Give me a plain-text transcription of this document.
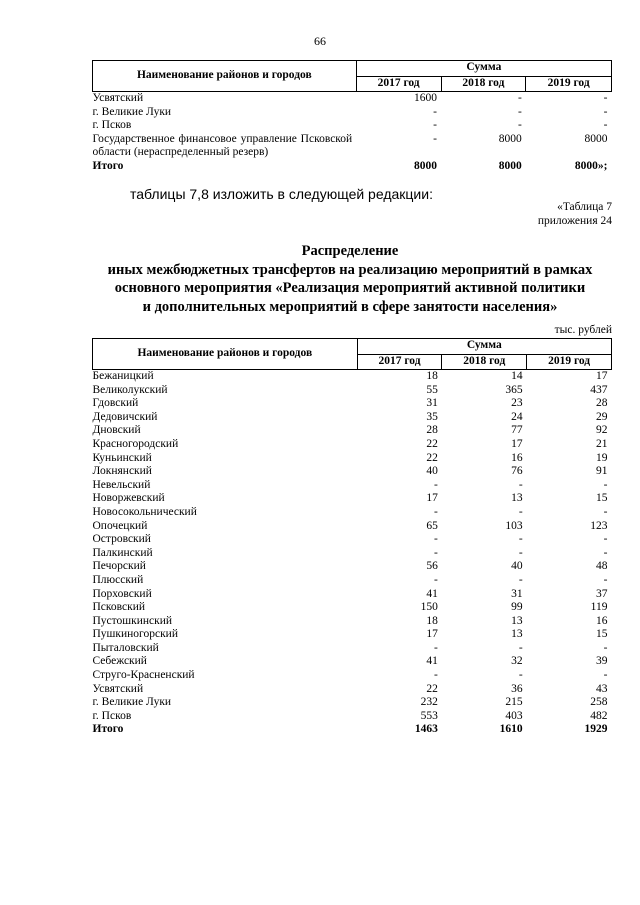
66
Наименование районов и городов	Сумма		
	2017 год	2018 год	2019 год
Усвятский	1600	-	-
г. Великие Луки	-	-	-
г. Псков	-	-	-
Государственное финансовое управление Псковской области (нераспределенный резерв)	-	8000	8000
Итого	8000	8000	8000»;
таблицы 7,8 изложить в следующей редакции:
«Таблица 7
приложения 24
Распределение
иных межбюджетных трансфертов на реализацию мероприятий в рамках
основного мероприятия «Реализация мероприятий активной политики
и дополнительных мероприятий в сфере занятости населения»
тыс. рублей
Наименование районов и городов	Сумма		
	2017 год	2018 год	2019 год
Бежаницкий	18	14	17
Великолукский	55	365	437
Гдовский	31	23	28
Дедовичский	35	24	29
Дновский	28	77	92
Красногородский	22	17	21
Куньинский	22	16	19
Локнянский	40	76	91
Невельский	-	-	-
Новоржевский	17	13	15
Новосокольнический	-	-	-
Опочецкий	65	103	123
Островский	-	-	-
Палкинский	-	-	-
Печорский	56	40	48
Плюсский	-	-	-
Порховский	41	31	37
Псковский	150	99	119
Пустошкинский	18	13	16
Пушкиногорский	17	13	15
Пыталовский	-	-	-
Себежский	41	32	39
Струго-Красненский	-	-	-
Усвятский	22	36	43
г. Великие Луки	232	215	258
г. Псков	553	403	482
Итого	1463	1610	1929
